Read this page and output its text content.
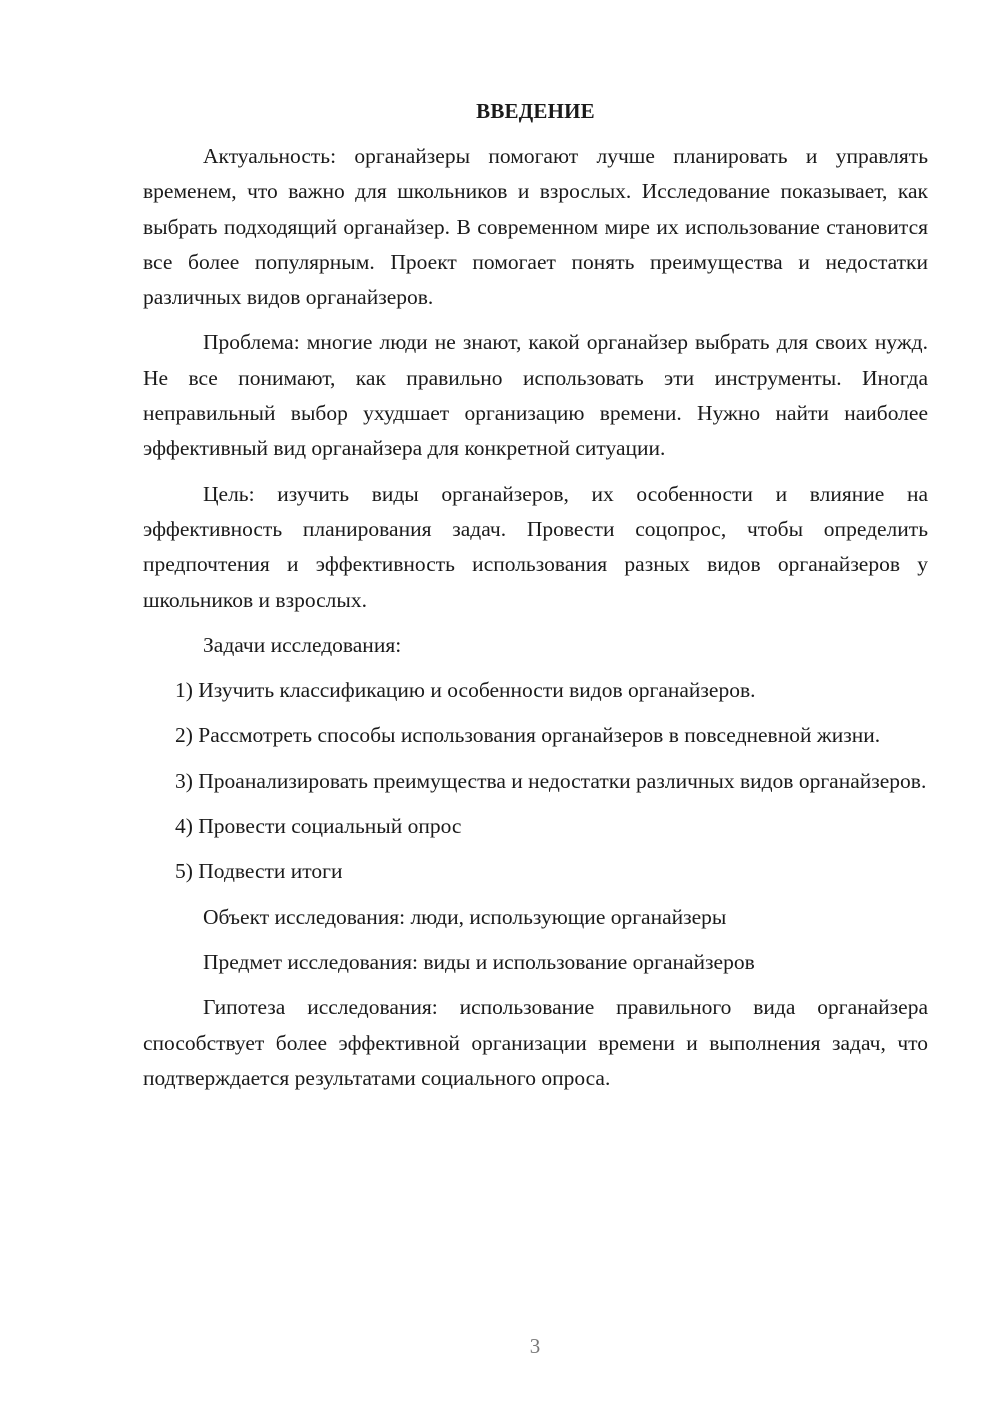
ВВЕДЕНИЕ

Актуальность: органайзеры помогают лучше планировать и управлять временем, что важно для школьников и взрослых. Исследование показывает, как выбрать подходящий органайзер. В современном мире их использование становится все более популярным. Проект помогает понять преимущества и недостатки различных видов органайзеров.

Проблема: многие люди не знают, какой органайзер выбрать для своих нужд. Не все понимают, как правильно использовать эти инструменты. Иногда неправильный выбор ухудшает организацию времени. Нужно найти наиболее эффективный вид органайзера для конкретной ситуации.

Цель: изучить виды органайзеров, их особенности и влияние на эффективность планирования задач. Провести соцопрос, чтобы определить предпочтения и эффективность использования разных видов органайзеров у школьников и взрослых.

Задачи исследования:

1) Изучить классификацию и особенности видов органайзеров.

2) Рассмотреть способы использования органайзеров в повседневной жизни.

3) Проанализировать преимущества и недостатки различных видов органайзеров.

4) Провести социальный опрос

5) Подвести итоги

Объект исследования: люди, использующие органайзеры

Предмет исследования: виды и использование органайзеров

Гипотеза исследования: использование правильного вида органайзера способствует более эффективной организации времени и выполнения задач, что подтверждается результатами социального опроса.

3
